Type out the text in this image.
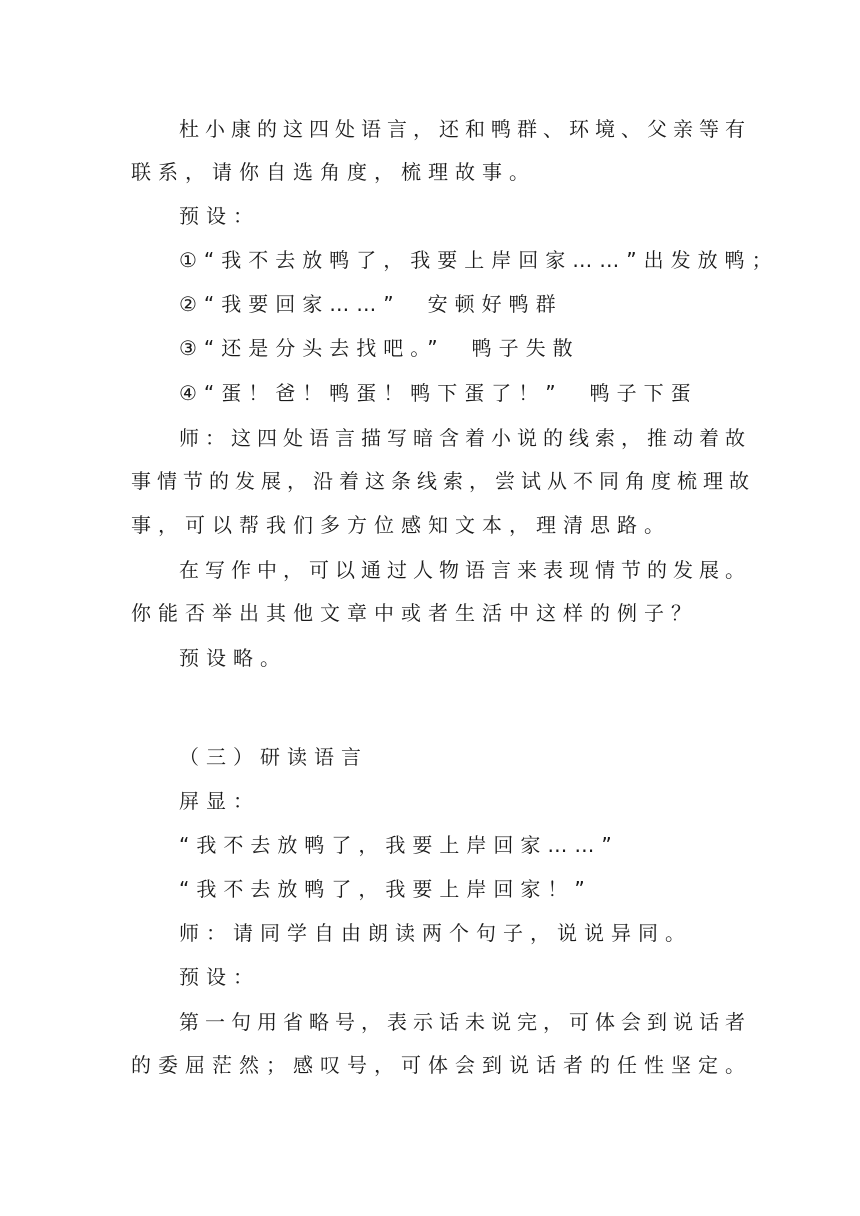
杜小康的这四处语言，还和鸭群、环境、父亲等有
联系，请你自选角度，梳理故事。
预设：
①“我不去放鸭了，我要上岸回家……”出发放鸭；
②“我要回家……”　安顿好鸭群
③“还是分头去找吧。”　鸭子失散
④“蛋！爸！鸭蛋！鸭下蛋了！”　鸭子下蛋
师：这四处语言描写暗含着小说的线索，推动着故
事情节的发展，沿着这条线索，尝试从不同角度梳理故
事，可以帮我们多方位感知文本，理清思路。
在写作中，可以通过人物语言来表现情节的发展。
你能否举出其他文章中或者生活中这样的例子？
预设略。
（三）研读语言
屏显：
“我不去放鸭了，我要上岸回家……”
“我不去放鸭了，我要上岸回家！”
师：请同学自由朗读两个句子，说说异同。
预设：
第一句用省略号，表示话未说完，可体会到说话者
的委屈茫然；感叹号，可体会到说话者的任性坚定。
